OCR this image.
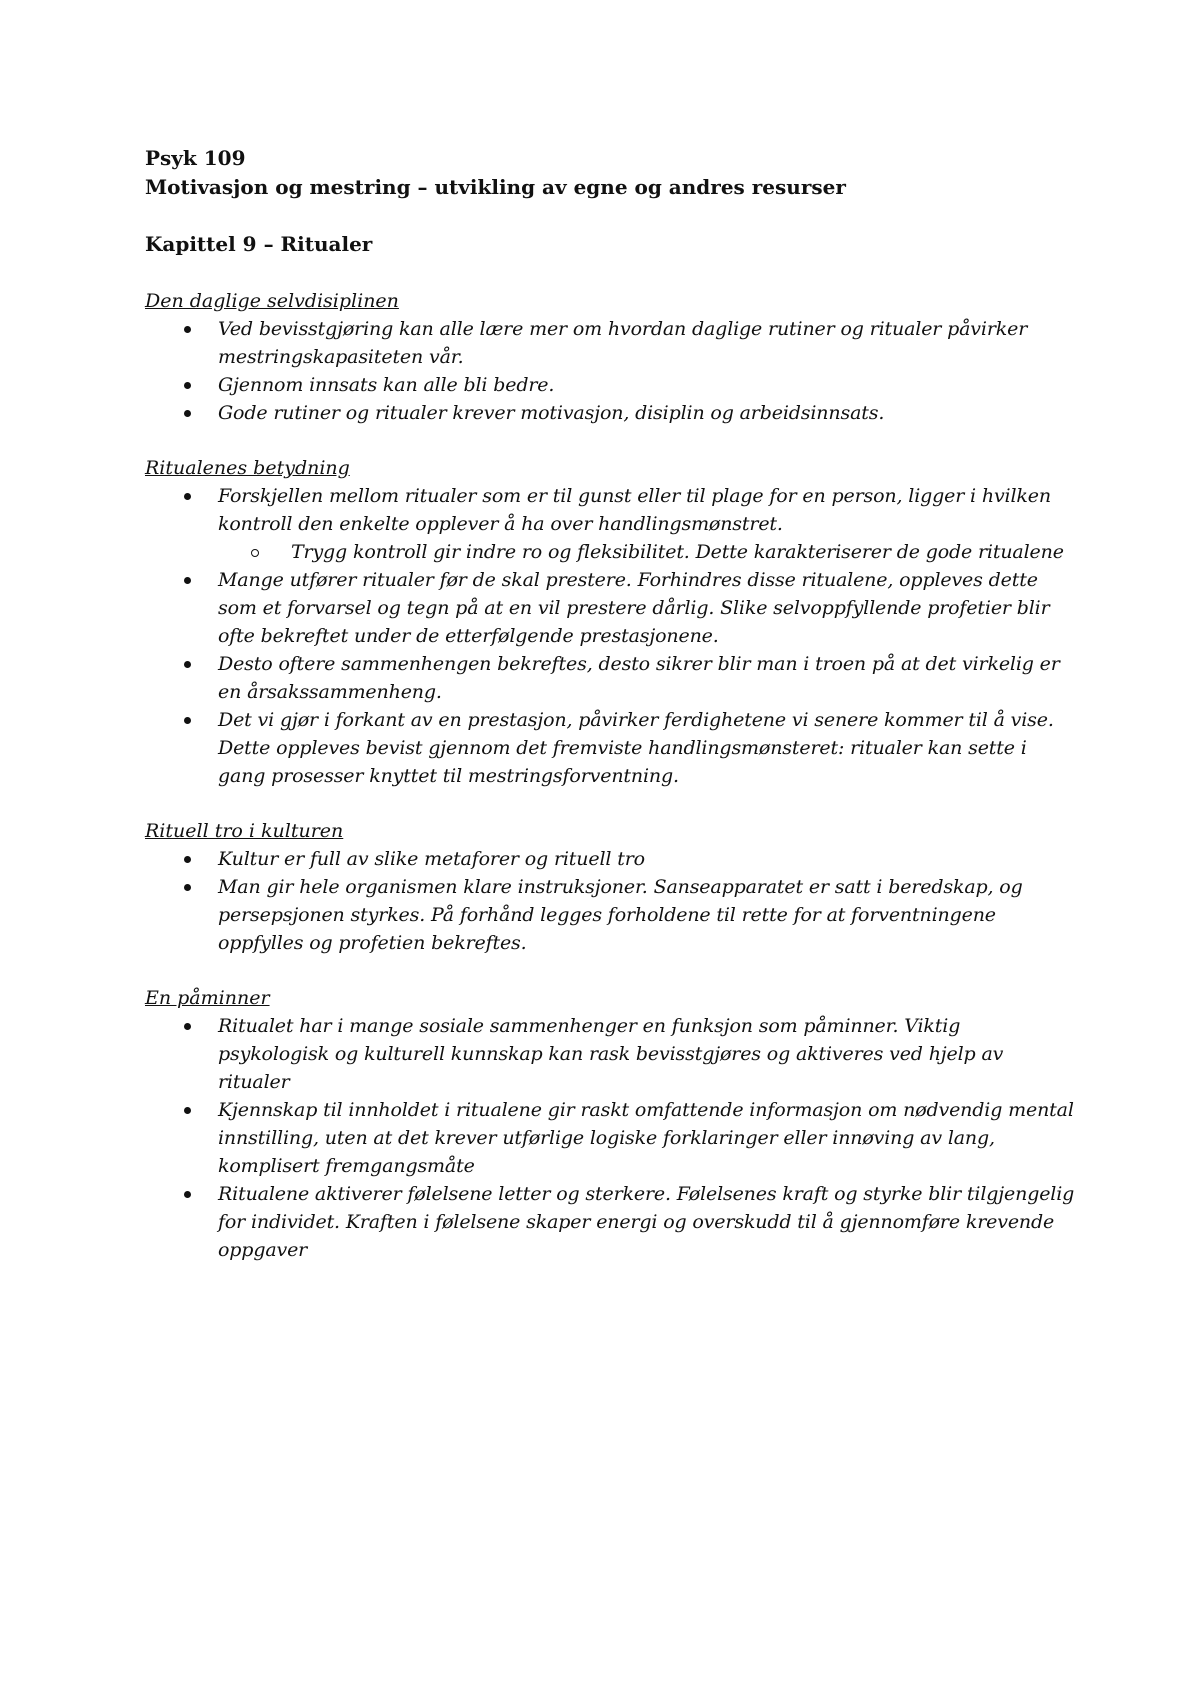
Psyk 109

Motivasjon og mestring – utvikling av egne og andres resurser

Kapittel 9 – Ritualer

Den daglige selvdisiplinen

Ved bevisstgjøring kan alle lære mer om hvordan daglige rutiner og ritualer påvirker mestringskapasiteten vår.
Gjennom innsats kan alle bli bedre.
Gode rutiner og ritualer krever motivasjon, disiplin og arbeidsinnsats.

Ritualenes betydning

Forskjellen mellom ritualer som er til gunst eller til plage for en person, ligger i hvilken kontroll den enkelte opplever å ha over handlingsmønstret.
Trygg kontroll gir indre ro og fleksibilitet. Dette karakteriserer de gode ritualene
Mange utfører ritualer før de skal prestere. Forhindres disse ritualene, oppleves dette som et forvarsel og tegn på at en vil prestere dårlig. Slike selvoppfyllende profetier blir ofte bekreftet under de etterfølgende prestasjonene.
Desto oftere sammenhengen bekreftes, desto sikrer blir man i troen på at det virkelig er en årsakssammenheng.
Det vi gjør i forkant av en prestasjon, påvirker ferdighetene vi senere kommer til å vise. Dette oppleves bevist gjennom det fremviste handlingsmønsteret: ritualer kan sette i gang prosesser knyttet til mestringsforventning.

Rituell tro i kulturen

Kultur er full av slike metaforer og rituell tro
Man gir hele organismen klare instruksjoner. Sanseapparatet er satt i beredskap, og persepsjonen styrkes. På forhånd legges forholdene til rette for at forventningene oppfylles og profetien bekreftes.

En påminner

Ritualet har i mange sosiale sammenhenger en funksjon som påminner. Viktig psykologisk og kulturell kunnskap kan rask bevisstgjøres og aktiveres ved hjelp av ritualer
Kjennskap til innholdet i ritualene gir raskt omfattende informasjon om nødvendig mental innstilling, uten at det krever utførlige logiske forklaringer eller innøving av lang, komplisert fremgangsmåte
Ritualene aktiverer følelsene letter og sterkere. Følelsenes kraft og styrke blir tilgjengelig for individet. Kraften i følelsene skaper energi og overskudd til å gjennomføre krevende oppgaver
